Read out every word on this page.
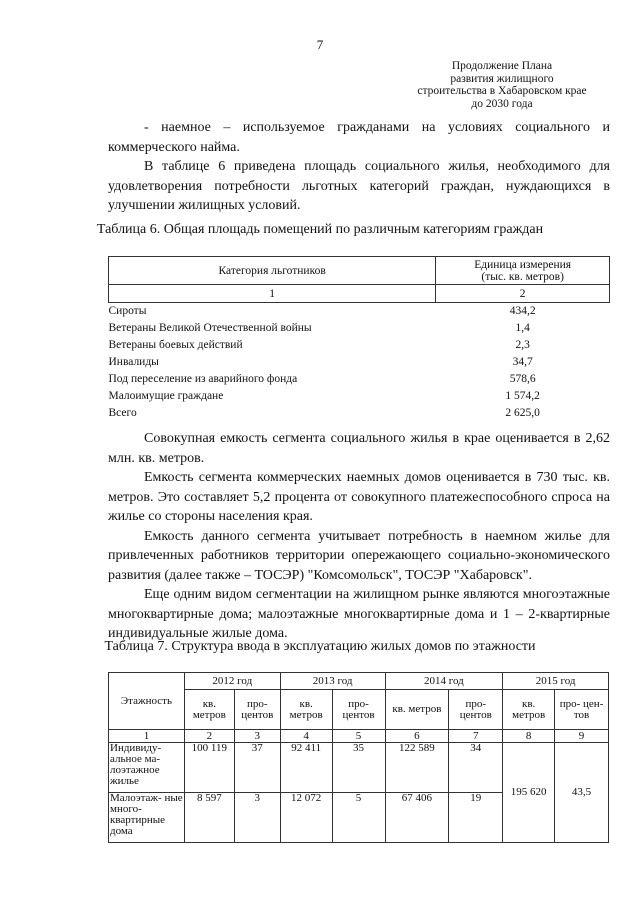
7
Продолжение Плана
развития жилищного
строительства в Хабаровском крае
до 2030 года

- наемное – используемое гражданами на условиях социального и коммерческого найма.

В таблице 6 приведена площадь социального жилья, необходимого для удовлетворения потребности льготных категорий граждан, нуждающихся в улучшении жилищных условий.

Таблица 6. Общая площадь помещений по различным категориям граждан
Категория льготников	Единица измерения
(тыс. кв. метров)

1	2
Сироты	434,2
Ветераны Великой Отечественной войны	1,4
Ветераны боевых действий	2,3
Инвалиды	34,7
Под переселение из аварийного фонда	578,6
Малоимущие граждане	1 574,2
Всего	2 625,0

Совокупная емкость сегмента социального жилья в крае оценивается в 2,62 млн. кв. метров.

Емкость сегмента коммерческих наемных домов оценивается в 730 тыс. кв. метров. Это составляет 5,2 процента от совокупного платежеспособного спроса на жилье со стороны населения края.

Емкость данного сегмента учитывает потребность в наемном жилье для привлеченных работников территории опережающего социально-экономического развития (далее также – ТОСЭР) "Комсомольск", ТОСЭР "Хабаровск".

Еще одним видом сегментации на жилищном рынке являются многоэтажные многоквартирные дома; малоэтажные многоквартирные дома и 1 – 2-квартирные индивидуальные жилые дома.

Таблица 7. Структура ввода в эксплуатацию жилых домов по этажности
Этажность	2012 год		2013 год		2014 год		2015 год	
	кв. метров	про- центов	кв. метров	про- центов	кв. метров	про- центов	кв. метров	про- цен- тов
1	2	3	4	5	6	7	8	9
Индивиду- альное ма- лоэтажное жилье	100 119	37	92 411	35	122 589	34	195 620	43,5
Малоэтаж- ные много- квартирные дома	8 597	3	12 072	5	67 406	19		
